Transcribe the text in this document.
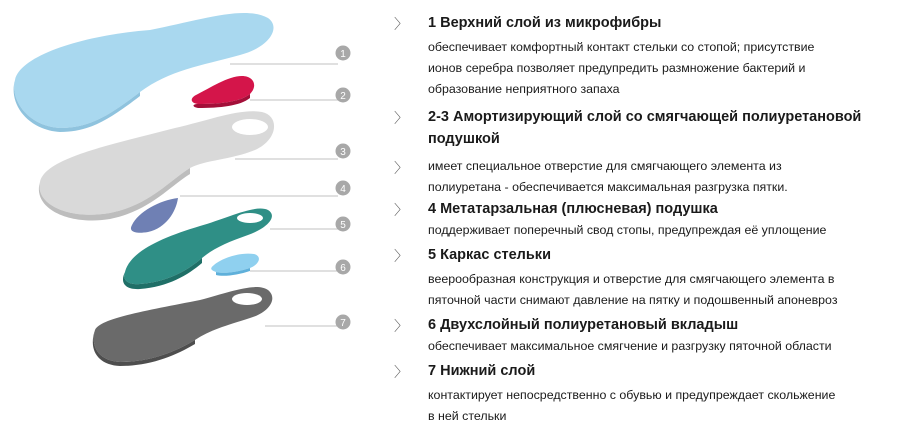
1
2
3
4
5
6
7
〉 1 Верхний слой из микрофибры
обеспечивает комфортный контакт стельки со стопой; присутствие
ионов серебра позволяет предупредить размножение бактерий и
образование неприятного запаха
〉 2-3 Амортизирующий слой со смягчающей полиуретановой
подушкой
〉 имеет специальное отверстие для смягчающего элемента из
полиуретана - обеспечивается максимальная разгрузка пятки.
〉 4 Метатарзальная (плюсневая) подушка
поддерживает поперечный свод стопы, предупреждая её уплощение
〉 5 Каркас стельки
веерообразная конструкция и отверстие для смягчающего элемента в
пяточной части снимают давление на пятку и подошвенный апоневроз
〉 6 Двухслойный полиуретановый вкладыш
обеспечивает максимальное смягчение и разгрузку пяточной области
〉 7 Нижний слой
контактирует непосредственно с обувью и предупреждает скольжение
в ней стельки
